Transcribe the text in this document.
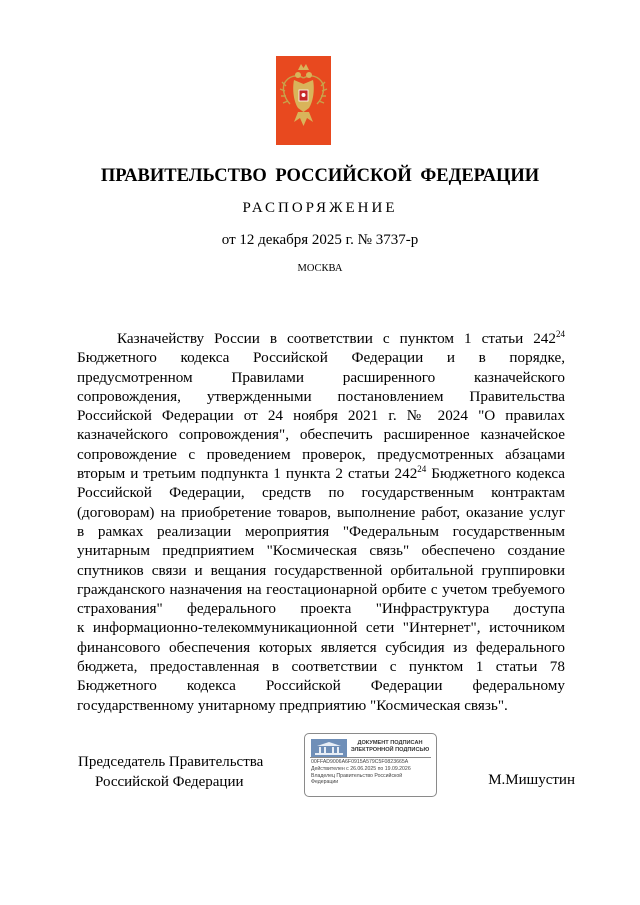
ПРАВИТЕЛЬСТВО РОССИЙСКОЙ ФЕДЕРАЦИИ
РАСПОРЯЖЕНИЕ
от 12 декабря 2025 г. № 3737-р
МОСКВА
Казначейству России в соответствии с пунктом 1 статьи $242^{24}$
Бюджетного кодекса Российской Федерации и в порядке,
предусмотренном Правилами расширенного казначейского
сопровождения, утвержденными постановлением Правительства
Российской Федерации от 24 ноября 2021 г. № 2024 "О правилах
казначейского сопровождения", обеспечить расширенное казначейское
сопровождение с проведением проверок, предусмотренных абзацами
вторым и третьим подпункта 1 пункта 2 статьи $242^{24}$ Бюджетного кодекса
Российской Федерации, средств по государственным контрактам
(договорам) на приобретение товаров, выполнение работ, оказание услуг
в рамках реализации мероприятия "Федеральным государственным
унитарным предприятием "Космическая связь" обеспечено создание
спутников связи и вещания государственной орбитальной группировки
гражданского назначения на геостационарной орбите с учетом требуемого
страхования" федерального проекта "Инфраструктура доступа
к информационно-телекоммуникационной сети "Интернет", источником
финансового обеспечения которых является субсидия из федерального
бюджета, предоставленная в соответствии с пунктом 1 статьи 78
Бюджетного кодекса Российской Федерации федеральному
государственному унитарному предприятию "Космическая связь".
Председатель Правительства
Российской Федерации
ДОКУМЕНТ ПОДПИСАН
ЭЛЕКТРОННОЙ ПОДПИСЬЮ
00FFAD9006A6F0915A579C5F0823665A
Действителен с 26.06.2025 по 19.09.2026
Владелец Правительство Российской
Федерации	М.Мишустин
